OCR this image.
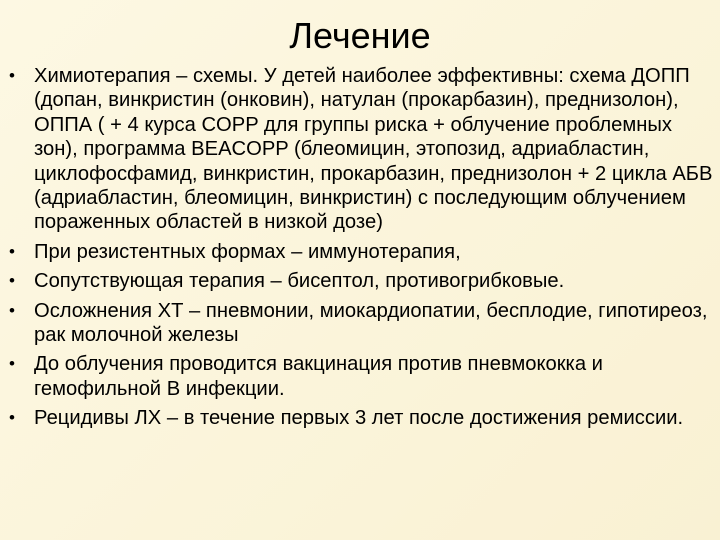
Лечение
• Химиотерапия – схемы. У детей наиболее эффективны: схема ДОПП (допан, винкристин (онковин), натулан (прокарбазин), преднизолон), ОППА ( + 4 курса COPP для группы риска + облучение проблемных зон), программа BEACOPP (блеомицин, этопозид, адриабластин, циклофосфамид, винкристин, прокарбазин, преднизолон + 2 цикла АБВ (адриабластин, блеомицин, винкристин) с последующим облучением пораженных областей в низкой дозе)
• При резистентных формах – иммунотерапия,
• Сопутствующая терапия – бисептол, противогрибковые.
• Осложнения ХТ – пневмонии, миокардиопатии, бесплодие, гипотиреоз, рак молочной железы
• До облучения проводится вакцинация против пневмококка и гемофильной В инфекции.
• Рецидивы ЛХ – в течение первых 3 лет после достижения ремиссии.
